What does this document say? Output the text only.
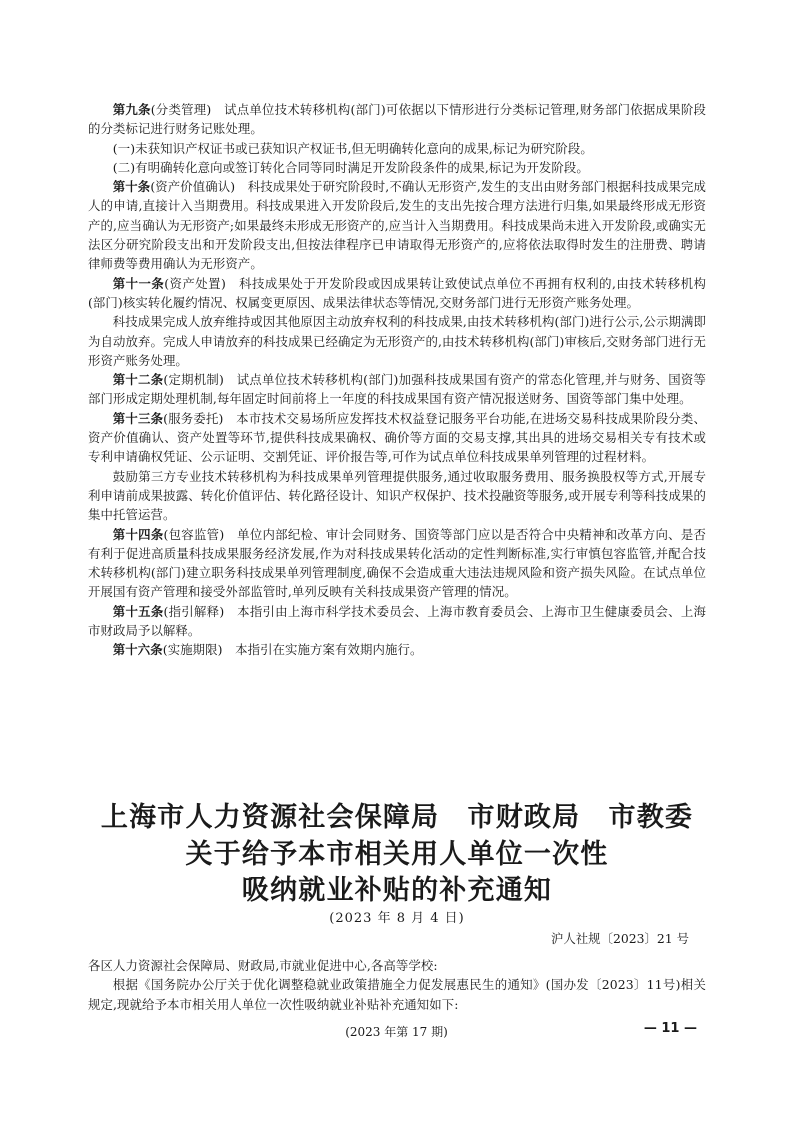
第九条(分类管理)　试点单位技术转移机构(部门)可依据以下情形进行分类标记管理,财务部门依据成果阶段的分类标记进行财务记账处理。

(一)未获知识产权证书或已获知识产权证书,但无明确转化意向的成果,标记为研究阶段。

(二)有明确转化意向或签订转化合同等同时满足开发阶段条件的成果,标记为开发阶段。

第十条(资产价值确认)　科技成果处于研究阶段时,不确认无形资产,发生的支出由财务部门根据科技成果完成人的申请,直接计入当期费用。科技成果进入开发阶段后,发生的支出先按合理方法进行归集,如果最终形成无形资产的,应当确认为无形资产;如果最终未形成无形资产的,应当计入当期费用。科技成果尚未进入开发阶段,或确实无法区分研究阶段支出和开发阶段支出,但按法律程序已申请取得无形资产的,应将依法取得时发生的注册费、聘请律师费等费用确认为无形资产。

第十一条(资产处置)　科技成果处于开发阶段或因成果转让致使试点单位不再拥有权利的,由技术转移机构(部门)核实转化履约情况、权属变更原因、成果法律状态等情况,交财务部门进行无形资产账务处理。

科技成果完成人放弃维持或因其他原因主动放弃权利的科技成果,由技术转移机构(部门)进行公示,公示期满即为自动放弃。完成人申请放弃的科技成果已经确定为无形资产的,由技术转移机构(部门)审核后,交财务部门进行无形资产账务处理。

第十二条(定期机制)　试点单位技术转移机构(部门)加强科技成果国有资产的常态化管理,并与财务、国资等部门形成定期处理机制,每年固定时间前将上一年度的科技成果国有资产情况报送财务、国资等部门集中处理。

第十三条(服务委托)　本市技术交易场所应发挥技术权益登记服务平台功能,在进场交易科技成果阶段分类、资产价值确认、资产处置等环节,提供科技成果确权、确价等方面的交易支撑,其出具的进场交易相关专有技术或专利申请确权凭证、公示证明、交割凭证、评价报告等,可作为试点单位科技成果单列管理的过程材料。

鼓励第三方专业技术转移机构为科技成果单列管理提供服务,通过收取服务费用、服务换股权等方式,开展专利申请前成果披露、转化价值评估、转化路径设计、知识产权保护、技术投融资等服务,或开展专利等科技成果的集中托管运营。

第十四条(包容监管)　单位内部纪检、审计会同财务、国资等部门应以是否符合中央精神和改革方向、是否有利于促进高质量科技成果服务经济发展,作为对科技成果转化活动的定性判断标准,实行审慎包容监管,并配合技术转移机构(部门)建立职务科技成果单列管理制度,确保不会造成重大违法违规风险和资产损失风险。在试点单位开展国有资产管理和接受外部监管时,单列反映有关科技成果资产管理的情况。

第十五条(指引解释)　本指引由上海市科学技术委员会、上海市教育委员会、上海市卫生健康委员会、上海市财政局予以解释。

第十六条(实施期限)　本指引在实施方案有效期内施行。

上海市人力资源社会保障局　市财政局　市教委
关于给予本市相关用人单位一次性
吸纳就业补贴的补充通知
(2023 年 8 月 4 日)
沪人社规〔2023〕21 号

各区人力资源社会保障局、财政局,市就业促进中心,各高等学校:

根据《国务院办公厅关于优化调整稳就业政策措施全力促发展惠民生的通知》(国办发〔2023〕11号)相关规定,现就给予本市相关用人单位一次性吸纳就业补贴补充通知如下:

(2023 年第 17 期)	— 11 —
